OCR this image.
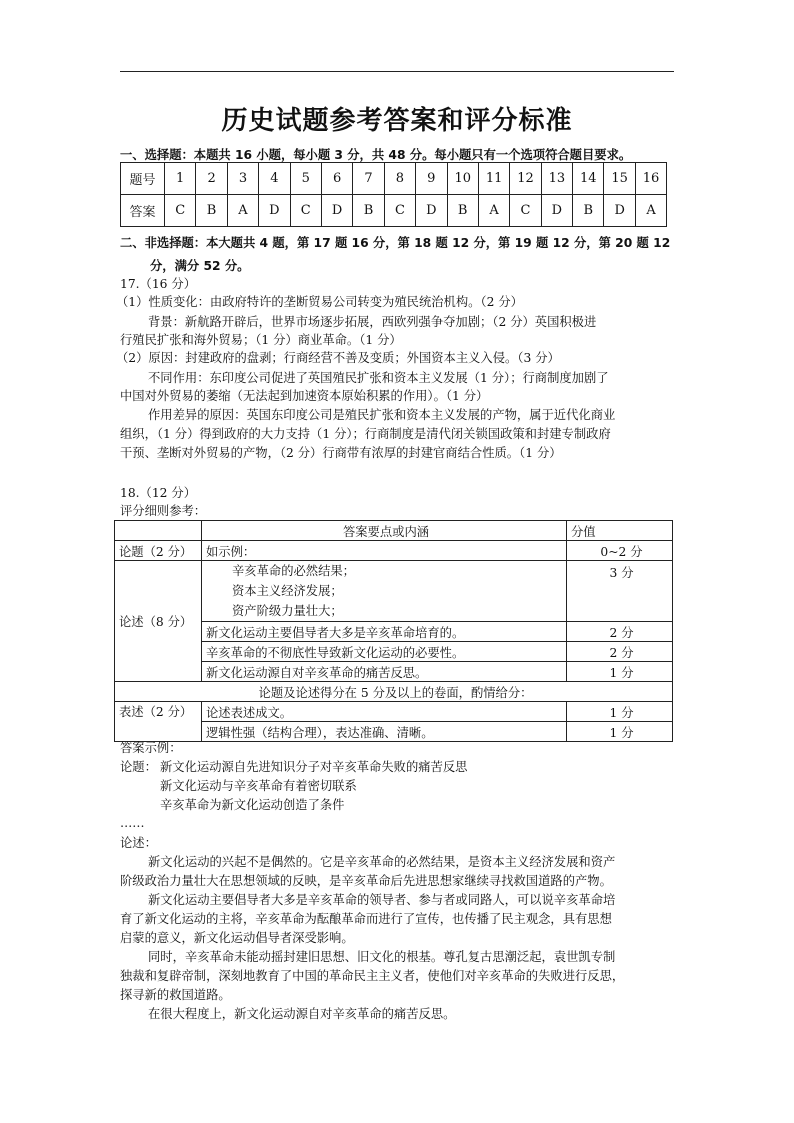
历史试题参考答案和评分标准
一、选择题：本题共 16 小题，每小题 3 分，共 48 分。每小题只有一个选项符合题目要求。
题号	1	2	3	4	5	6	7	8	9	10	11	12	13	14	15	16
答案	C	B	A	D	C	D	B	C	D	B	A	C	D	B	D	A
二、非选择题：本大题共 4 题，第 17 题 16 分，第 18 题 12 分，第 19 题 12 分，第 20 题 12
分，满分 52 分。
17.（16 分）
（1）性质变化：由政府特许的垄断贸易公司转变为殖民统治机构。（2 分）
背景：新航路开辟后，世界市场逐步拓展，西欧列强争夺加剧；（2 分）英国积极进
行殖民扩张和海外贸易；（1 分）商业革命。（1 分）
（2）原因：封建政府的盘剥；行商经营不善及变质；外国资本主义入侵。（3 分）
不同作用：东印度公司促进了英国殖民扩张和资本主义发展（1 分）；行商制度加剧了
中国对外贸易的萎缩（无法起到加速资本原始积累的作用）。（1 分）
作用差异的原因：英国东印度公司是殖民扩张和资本主义发展的产物，属于近代化商业
组织，（1 分）得到政府的大力支持（1 分）；行商制度是清代闭关锁国政策和封建专制政府
干预、垄断对外贸易的产物，（2 分）行商带有浓厚的封建官商结合性质。（1 分）
18.（12 分）
评分细则参考：
	答案要点或内涵	分值
论题（2 分）	如示例：	0~2 分
论述（8 分）	辛亥革命的必然结果；
资本主义经济发展；
资产阶级力量壮大；	3 分
	新文化运动主要倡导者大多是辛亥革命培育的。	2 分
	辛亥革命的不彻底性导致新文化运动的必要性。	2 分
	新文化运动源自对辛亥革命的痛苦反思。	1 分
论题及论述得分在 5 分及以上的卷面，酌情给分：		
表述（2 分）	论述表述成文。	1 分
	逻辑性强（结构合理），表达准确、清晰。	1 分
答案示例：
论题： 新文化运动源自先进知识分子对辛亥革命失败的痛苦反思
新文化运动与辛亥革命有着密切联系
辛亥革命为新文化运动创造了条件
……
论述：
新文化运动的兴起不是偶然的。它是辛亥革命的必然结果，是资本主义经济发展和资产
阶级政治力量壮大在思想领域的反映，是辛亥革命后先进思想家继续寻找救国道路的产物。
新文化运动主要倡导者大多是辛亥革命的领导者、参与者或同路人，可以说辛亥革命培
育了新文化运动的主将，辛亥革命为酝酿革命而进行了宣传，也传播了民主观念，具有思想
启蒙的意义，新文化运动倡导者深受影响。
同时，辛亥革命未能动摇封建旧思想、旧文化的根基。尊孔复古思潮泛起，袁世凯专制
独裁和复辟帝制，深刻地教育了中国的革命民主主义者，使他们对辛亥革命的失败进行反思，
探寻新的救国道路。
在很大程度上，新文化运动源自对辛亥革命的痛苦反思。
